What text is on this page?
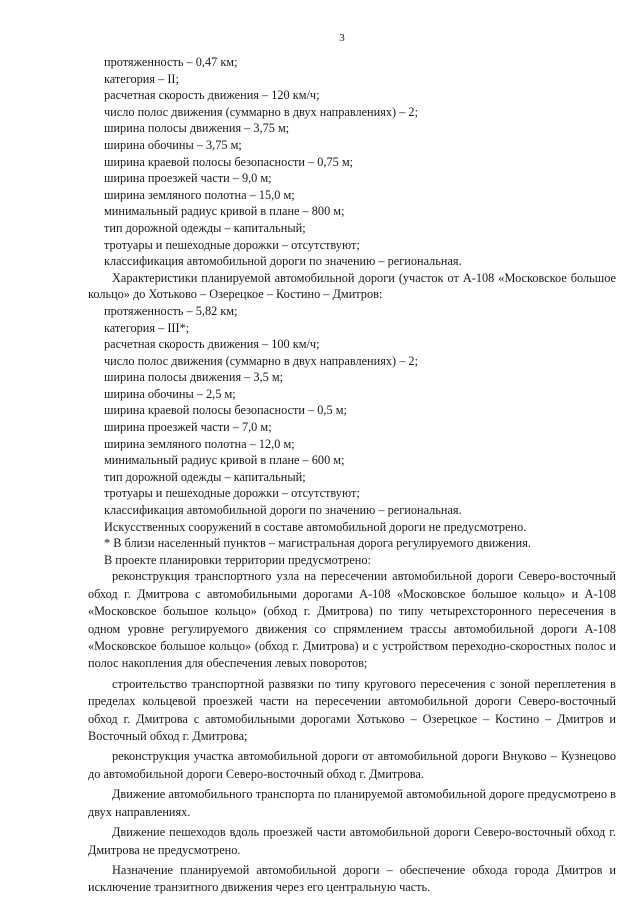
3

протяженность – 0,47 км;

категория – II;

расчетная скорость движения – 120 км/ч;

число полос движения (суммарно в двух направлениях) – 2;

ширина полосы движения – 3,75 м;

ширина обочины – 3,75 м;

ширина краевой полосы безопасности – 0,75 м;

ширина проезжей части – 9,0 м;

ширина земляного полотна – 15,0 м;

минимальный радиус кривой в плане – 800 м;

тип дорожной одежды – капитальный;

тротуары и пешеходные дорожки – отсутствуют;

классификация автомобильной дороги по значению – региональная.

Характеристики планируемой автомобильной дороги (участок от А-108 «Московское большое кольцо» до Хотьково – Озерецкое – Костино – Дмитров:

протяженность – 5,82 км;

категория – III*;

расчетная скорость движения – 100 км/ч;

число полос движения (суммарно в двух направлениях) – 2;

ширина полосы движения – 3,5 м;

ширина обочины – 2,5 м;

ширина краевой полосы безопасности – 0,5 м;

ширина проезжей части – 7,0 м;

ширина земляного полотна – 12,0 м;

минимальный радиус кривой в плане – 600 м;

тип дорожной одежды – капитальный;

тротуары и пешеходные дорожки – отсутствуют;

классификация автомобильной дороги по значению – региональная.

Искусственных сооружений в составе автомобильной дороги не предусмотрено.

* В близи населенный пунктов – магистральная дорога регулируемого движения.

В проекте планировки территории предусмотрено:

реконструкция транспортного узла на пересечении автомобильной дороги Северо-восточный обход г. Дмитрова с автомобильными дорогами А-108 «Московское большое кольцо» и А-108 «Московское большое кольцо» (обход г. Дмитрова) по типу четырехсторонного пересечения в одном уровне регулируемого движения со спрямлением трассы автомобильной дороги А-108 «Московское большое кольцо» (обход г. Дмитрова) и с устройством переходно-скоростных полос и полос накопления для обеспечения левых поворотов;

строительство транспортной развязки по типу кругового пересечения с зоной переплетения в пределах кольцевой проезжей части на пересечении автомобильной дороги Северо-восточный обход г. Дмитрова с автомобильными дорогами Хотьково – Озерецкое – Костино – Дмитров и Восточный обход г. Дмитрова;

реконструкция участка автомобильной дороги от автомобильной дороги Внуково – Кузнецово до автомобильной дороги Северо-восточный обход г. Дмитрова.

Движение автомобильного транспорта по планируемой автомобильной дороге предусмотрено в двух направлениях.

Движение пешеходов вдоль проезжей части автомобильной дороги Северо-восточный обход г. Дмитрова не предусмотрено.

Назначение планируемой автомобильной дороги – обеспечение обхода города Дмитров и исключение транзитного движения через его центральную часть.
